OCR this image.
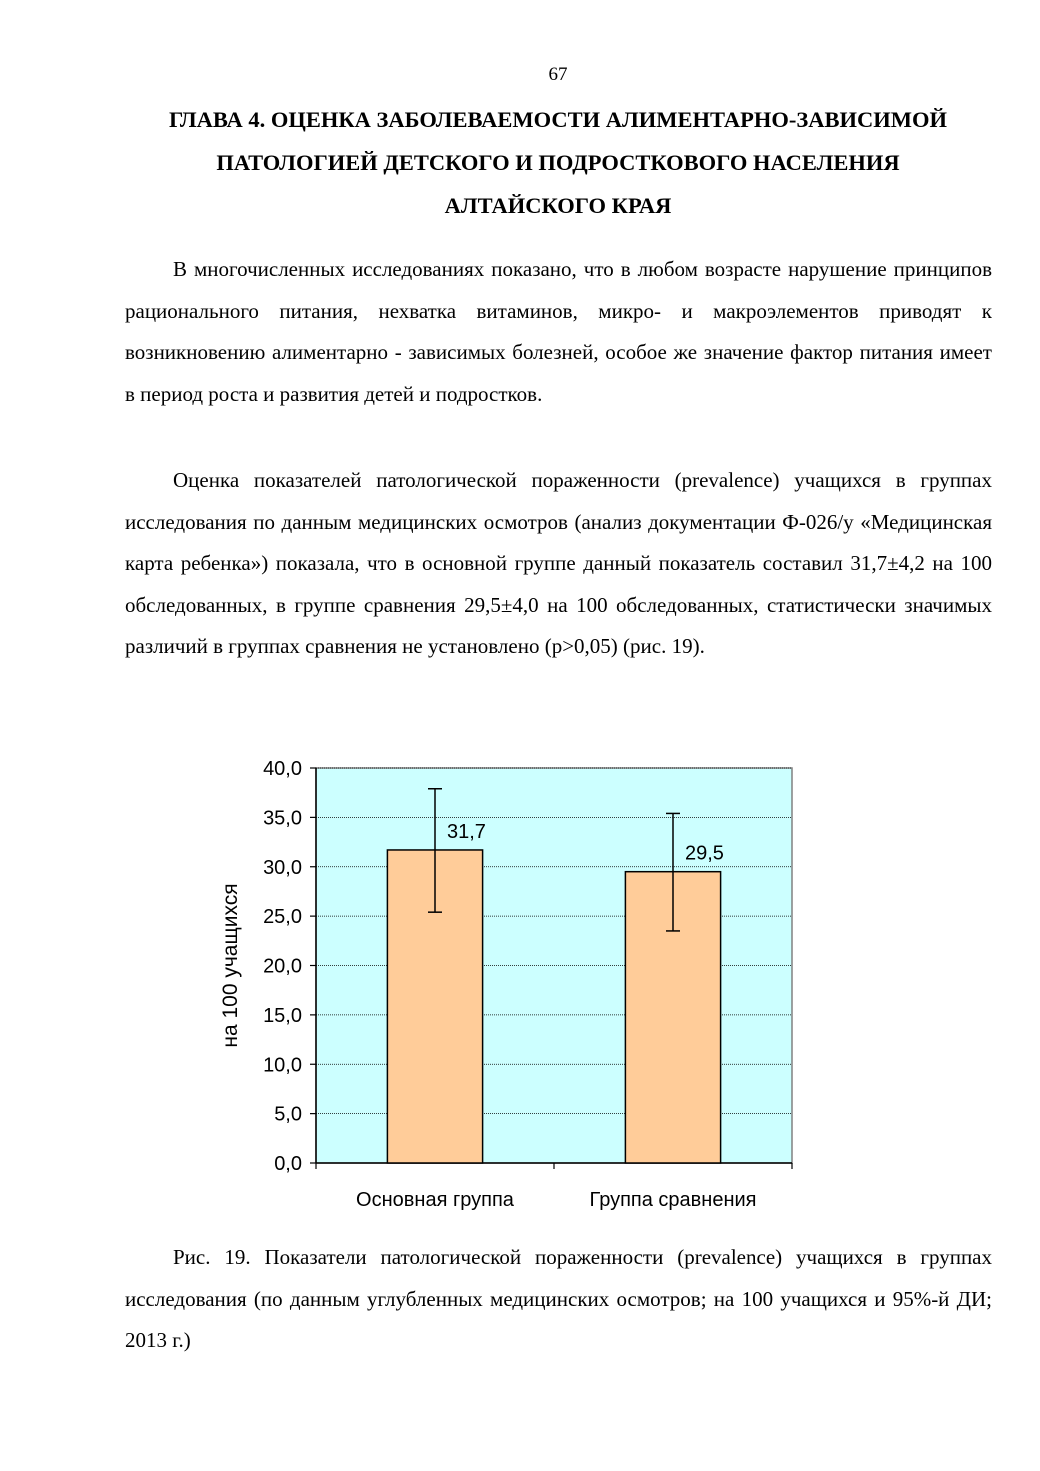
67
ГЛАВА 4. ОЦЕНКА ЗАБОЛЕВАЕМОСТИ АЛИМЕНТАРНО-ЗАВИСИМОЙ
ПАТОЛОГИЕЙ ДЕТСКОГО И ПОДРОСТКОВОГО НАСЕЛЕНИЯ
АЛТАЙСКОГО КРАЯ

В многочисленных исследованиях показано, что в любом возрасте нарушение принципов рационального питания, нехватка витаминов, микро- и макроэлементов приводят к возникновению алиментарно - зависимых болезней, особое же значение фактор питания имеет в период роста и развития детей и подростков.

Оценка показателей патологической пораженности (prevalence) учащихся в группах исследования по данным медицинских осмотров (анализ документации Ф-026/у «Медицинская карта ребенка») показала, что в основной группе данный показатель составил 31,7±4,2 на 100 обследованных, в группе сравнения 29,5±4,0 на 100 обследованных, статистически значимых различий в группах сравнения не установлено (р>0,05) (рис. 19).

0,0
5,0
10,0
15,0
20,0
25,0
30,0
35,0
40,0
31,7
Основная группа
29,5
Группа сравнения
на 100 учащихся
Рис. 19. Показатели патологической пораженности (prevalence) учащихся в группах исследования (по данным углубленных медицинских осмотров; на 100 учащихся и 95%-й ДИ; 2013 г.)
